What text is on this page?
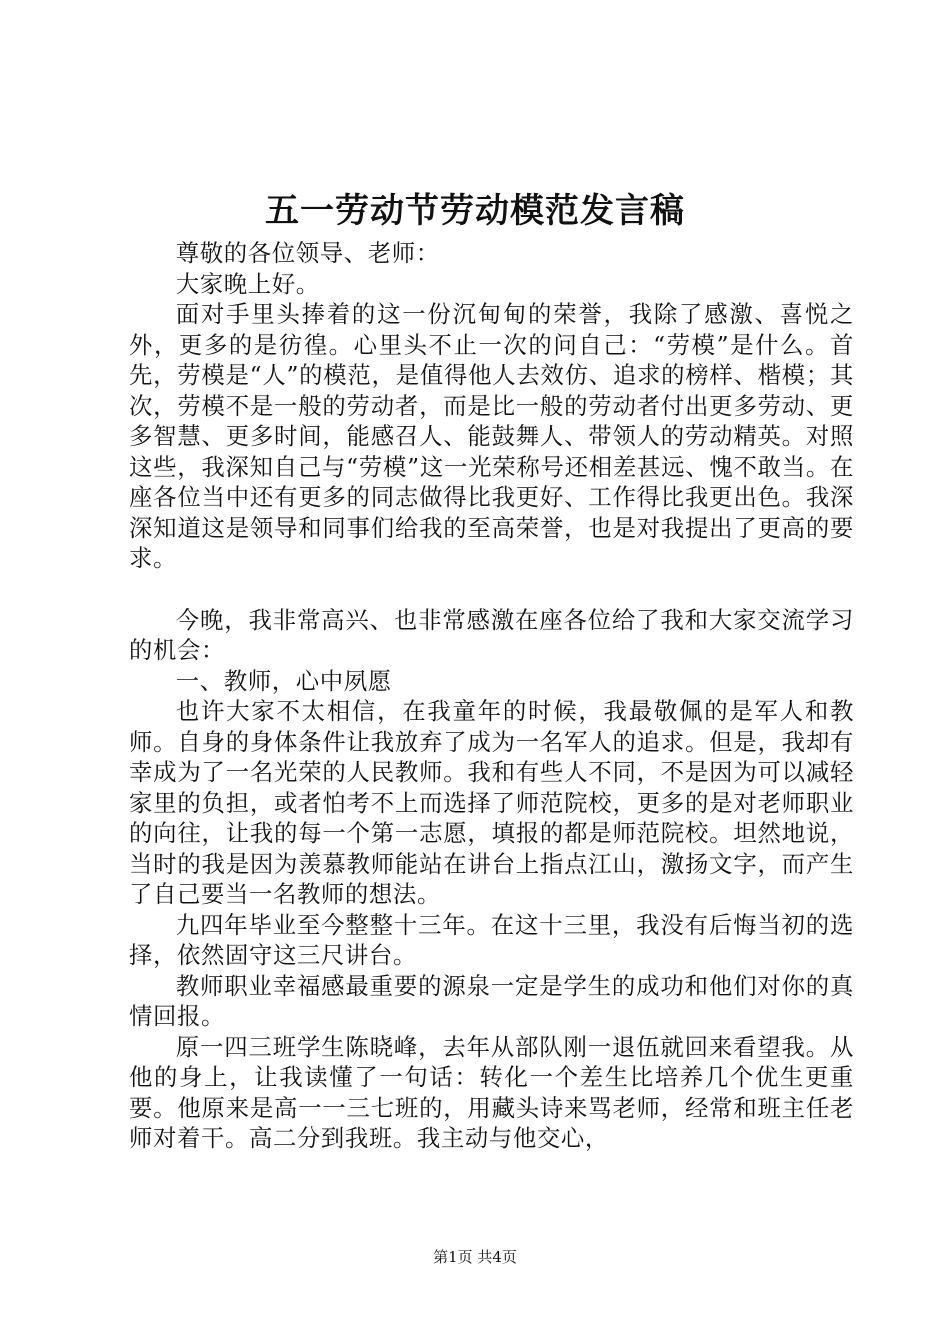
五一劳动节劳动模范发言稿

尊敬的各位领导、老师：

大家晚上好。

面对手里头捧着的这一份沉甸甸的荣誉，我除了感激、喜悦之外，更多的是彷徨。心里头不止一次的问自己：“劳模”是什么。首先，劳模是“人”的模范，是值得他人去效仿、追求的榜样、楷模；其次，劳模不是一般的劳动者，而是比一般的劳动者付出更多劳动、更多智慧、更多时间，能感召人、能鼓舞人、带领人的劳动精英。对照这些，我深知自己与“劳模”这一光荣称号还相差甚远、愧不敢当。在座各位当中还有更多的同志做得比我更好、工作得比我更出色。我深深知道这是领导和同事们给我的至高荣誉，也是对我提出了更高的要求。

今晚，我非常高兴、也非常感激在座各位给了我和大家交流学习的机会：

一、教师，心中夙愿

也许大家不太相信，在我童年的时候，我最敬佩的是军人和教师。自身的身体条件让我放弃了成为一名军人的追求。但是，我却有幸成为了一名光荣的人民教师。我和有些人不同，不是因为可以减轻家里的负担，或者怕考不上而选择了师范院校，更多的是对老师职业的向往，让我的每一个第一志愿，填报的都是师范院校。坦然地说，当时的我是因为羡慕教师能站在讲台上指点江山，激扬文字，而产生了自己要当一名教师的想法。

九四年毕业至今整整十三年。在这十三里，我没有后悔当初的选择，依然固守这三尺讲台。

教师职业幸福感最重要的源泉一定是学生的成功和他们对你的真情回报。

原一四三班学生陈晓峰，去年从部队刚一退伍就回来看望我。从他的身上，让我读懂了一句话：转化一个差生比培养几个优生更重要。他原来是高一一三七班的，用藏头诗来骂老师，经常和班主任老师对着干。高二分到我班。我主动与他交心，

第1页 共4页
